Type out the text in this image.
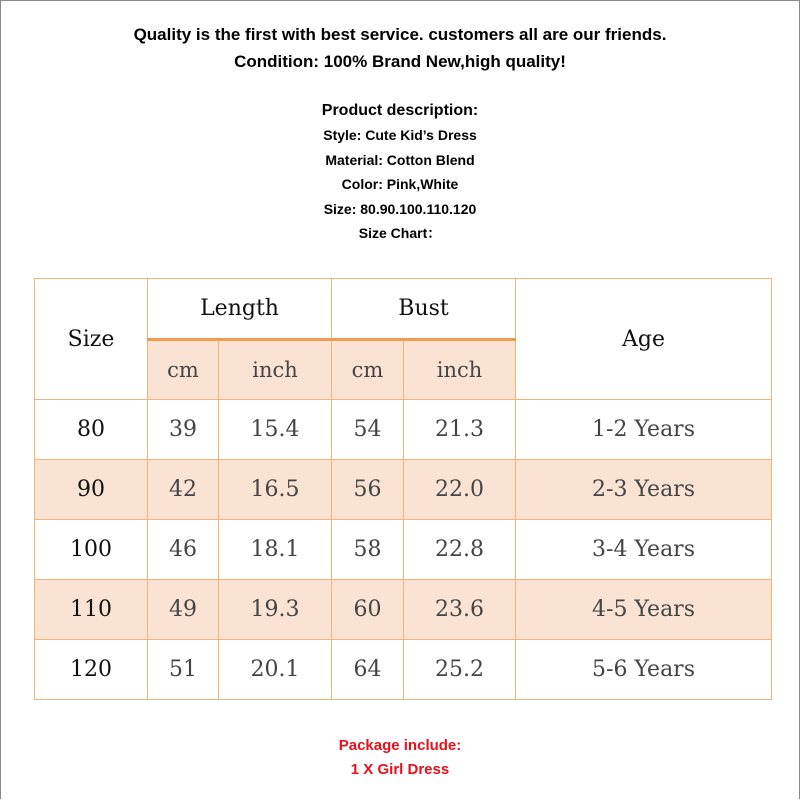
Quality is the first with best service. customers all are our friends.
Condition: 100% Brand New,high quality!
Product description:
Style: Cute Kid’s Dress
Material: Cotton Blend
Color: Pink,White
Size: 80.90.100.110.120
Size Chart：
Size	Length		Bust		Age
	cm	inch	cm	inch	
80	39	15.4	54	21.3	1-2 Years
90	42	16.5	56	22.0	2-3 Years
100	46	18.1	58	22.8	3-4 Years
110	49	19.3	60	23.6	4-5 Years
120	51	20.1	64	25.2	5-6 Years
Package include:
1 X Girl Dress
